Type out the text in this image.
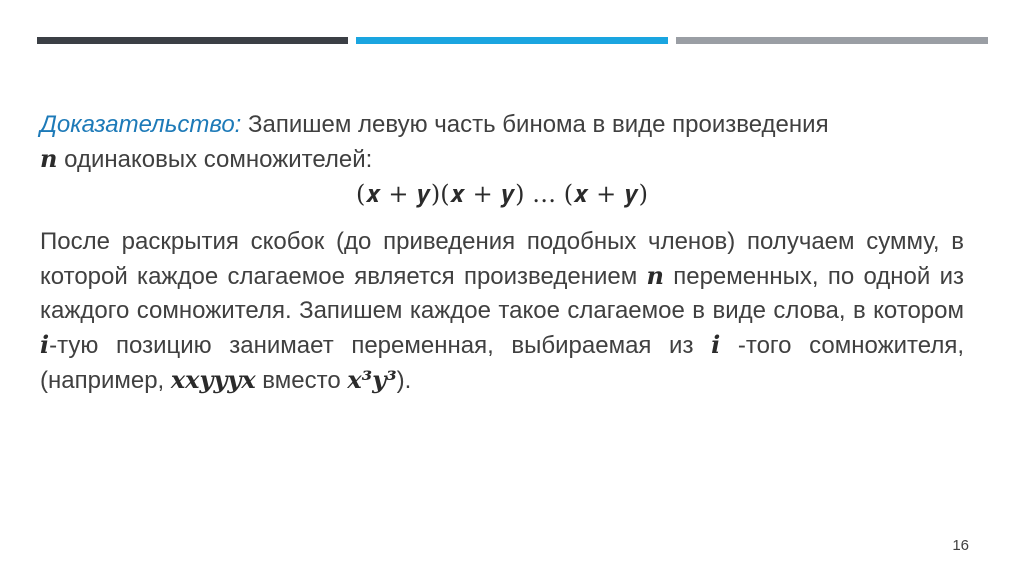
Доказательство: Запишем левую часть бинома в виде произведения
𝒏 одинаковых сомножителей:

(𝒙 + 𝒚)(𝒙 + 𝒚) … (𝒙 + 𝒚)

После раскрытия скобок (до приведения подобных членов) получаем сумму, в которой каждое слагаемое является произведением 𝒏 переменных, по одной из каждого сомножителя. Запишем каждое такое слагаемое в виде слова, в котором 𝒊-тую позицию занимает переменная, выбираемая из 𝒊 -того сомножителя, (например, 𝒙𝒙𝒚𝒚𝒚𝒙 вместо 𝒙³𝒚³).

16
